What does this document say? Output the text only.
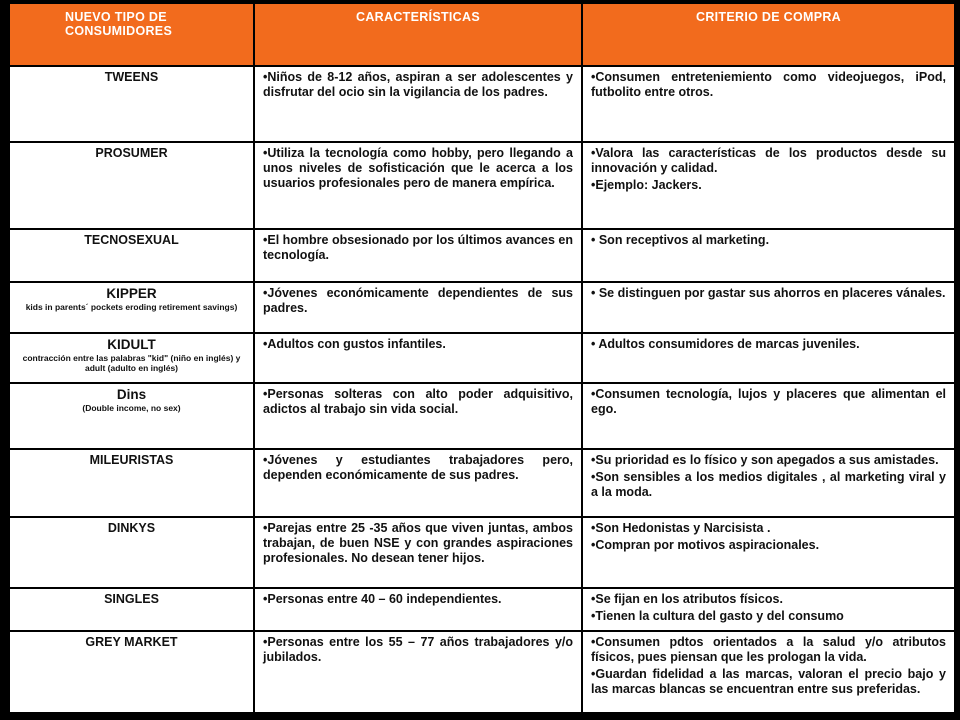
NUEVO TIPO DE CONSUMIDORES	CARACTERÍSTICAS	CRITERIO DE COMPRA

TWEENS	•Niños de 8-12 años, aspiran a ser adolescentes y disfrutar del ocio sin la vigilancia de los padres.	•Consumen entreteniemiento como videojuegos, iPod, futbolito entre otros.

PROSUMER	•Utiliza la tecnología como hobby, pero llegando a unos niveles de sofisticación que le acerca a los usuarios profesionales pero de manera empírica.	•Valora las características de los productos desde su innovación y calidad.
•Ejemplo: Jackers.

TECNOSEXUAL	•El hombre obsesionado por los últimos avances en tecnología.	• Son receptivos al marketing.

KIPPER
kids in parents´ pockets eroding retirement savings)	•Jóvenes económicamente dependientes de sus padres.	• Se distinguen por gastar sus ahorros en placeres vánales.

KIDULT
contracción entre las palabras "kid" (niño en inglés) y adult (adulto en inglés)	•Adultos con gustos infantiles.	• Adultos consumidores de marcas juveniles.

Dins
(Double income, no sex)	•Personas solteras con alto poder adquisitivo, adictos al trabajo sin vida social.	•Consumen tecnología, lujos y placeres que alimentan el ego.

MILEURISTAS	•Jóvenes y estudiantes trabajadores pero, dependen económicamente de sus padres.	•Su prioridad es lo físico y son apegados a sus amistades.
•Son sensibles a los medios digitales , al marketing viral y a la moda.

DINKYS	•Parejas entre 25 -35 años que viven juntas, ambos trabajan, de buen NSE y con grandes aspiraciones profesionales. No desean tener hijos.	•Son Hedonistas y Narcisista .
•Compran por motivos aspiracionales.

SINGLES	•Personas entre 40 – 60 independientes.	•Se fijan en los atributos físicos.
•Tienen la cultura del gasto y del consumo

GREY MARKET	•Personas entre los 55 – 77 años trabajadores y/o jubilados.	•Consumen pdtos orientados a la salud y/o atributos físicos, pues piensan que les prologan la vida.
•Guardan fidelidad a las marcas, valoran el precio bajo y las marcas blancas se encuentran entre sus preferidas.
